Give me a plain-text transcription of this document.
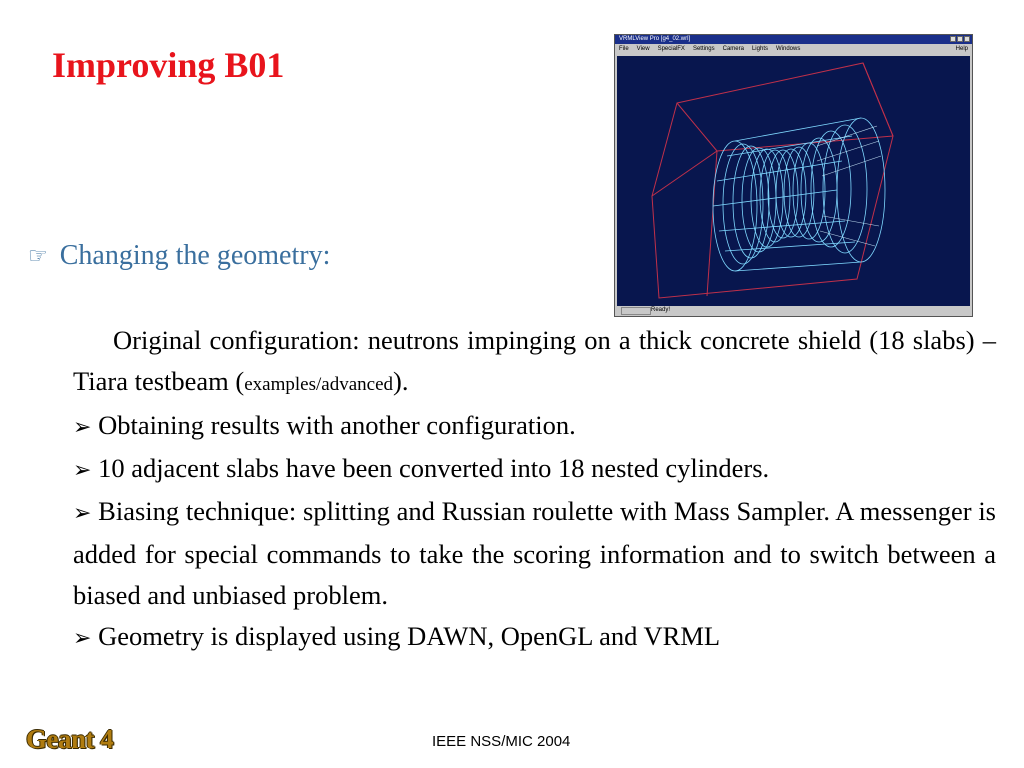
Improving B01
VRMLView Pro [g4_02.wrl]
File View SpecialFX Settings Camera Lights Windows	Help
Ready!
☞ Changing the geometry:

Original configuration: neutrons impinging on a thick concrete shield (18 slabs) – Tiara testbeam (examples/advanced).

➢ Obtaining results with another configuration.

➢ 10 adjacent slabs have been converted into 18 nested cylinders.

➢ Biasing technique: splitting and Russian roulette with Mass Sampler. A messenger is added for special commands to take the scoring information and to switch between a biased and unbiased problem.

➢ Geometry is displayed using DAWN, OpenGL and VRML

Geant 4	IEEE NSS/MIC 2004
